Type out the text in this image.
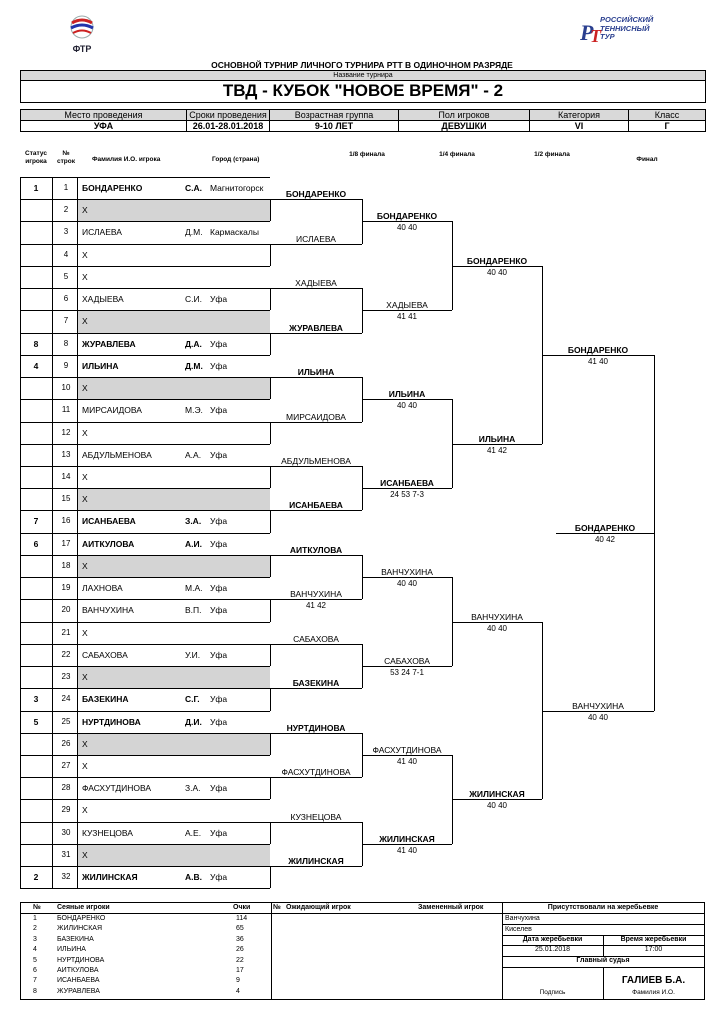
ФТР
Р
Т
РОССИЙСКИЙ
ТЕННИСНЫЙ
ТУР
ОСНОВНОЙ ТУРНИР ЛИЧНОГО ТУРНИРА РТТ В ОДИНОЧНОМ РАЗРЯДЕ
Название турнира
ТВД - КУБОК "НОВОЕ ВРЕМЯ" - 2
Место проведения	Сроки проведения	Возрастная группа	Пол игроков	Категория	Класс
УФА	26.01-28.01.2018	9-10 ЛЕТ	ДЕВУШКИ	VI	Г
Статус игрока
№ строк	Фамилия И.О. игрока	Город (страна)
1/8 финала	1/4 финала	1/2 финала
Финал
1	1	БОНДАРЕНКО	С.А. Магнитогорск
2	Х
3	ИСЛАЕВА	Д.М. Кармаскалы
4	Х
5	Х
6	ХАДЫЕВА	С.И. Уфа
7	Х
8	8	ЖУРАВЛЕВА	Д.А. Уфа
4	9	ИЛЬИНА	Д.М. Уфа
10	Х
11	МИРСАИДОВА	М.Э. Уфа
12	Х
13	АБДУЛЬМЕНОВА	А.А. Уфа
14	Х
15	Х
7	16	ИСАНБАЕВА	З.А. Уфа
6	17	АИТКУЛОВА	А.И. Уфа
18	Х
19	ЛАХНОВА	М.А. Уфа
20	ВАНЧУХИНА	В.П. Уфа
21	Х
22	САБАХОВА	У.И. Уфа
23	Х
3	24	БАЗЕКИНА	С.Г. Уфа
5	25	НУРТДИНОВА	Д.И. Уфа
26	Х
27	Х
28	ФАСХУТДИНОВА	З.А. Уфа
29	Х
30	КУЗНЕЦОВА	А.Е. Уфа
31	Х
2	32	ЖИЛИНСКАЯ	А.В. Уфа
БОНДАРЕНКО
ИСЛАЕВА
ХАДЫЕВА
ЖУРАВЛЕВА
ИЛЬИНА
МИРСАИДОВА
АБДУЛЬМЕНОВА
ИСАНБАЕВА
АИТКУЛОВА
ВАНЧУХИНА
41 42
САБАХОВА
БАЗЕКИНА
НУРТДИНОВА
ФАСХУТДИНОВА
КУЗНЕЦОВА
ЖИЛИНСКАЯ
БОНДАРЕНКО
40 40
ХАДЫЕВА
41 41
ИЛЬИНА
40 40
ИСАНБАЕВА
24 53 7-3
ВАНЧУХИНА
40 40
САБАХОВА
53 24 7-1
ФАСХУТДИНОВА
41 40
ЖИЛИНСКАЯ
41 40
БОНДАРЕНКО
40 40
ИЛЬИНА
41 42
ВАНЧУХИНА
40 40
ЖИЛИНСКАЯ
40 40
БОНДАРЕНКО
41 40
ВАНЧУХИНА
40 40
БОНДАРЕНКО
40 42
№ Сеяные игроки	Очки
1	БОНДАРЕНКО	114
2	ЖИЛИНСКАЯ	65
3	БАЗЕКИНА	36
4	ИЛЬИНА	26
5	НУРТДИНОВА	22
6	АИТКУЛОВА	17
7	ИСАНБАЕВА	9
8	ЖУРАВЛЕВА	4
№ Ожидающий игрок	Замененный игрок	Присутствовали на жеребьевке
Ванчухина
Киселев
Дата жеребьевки	Время жеребьевки
25.01.2018	17:00
Главный судья
ГАЛИЕВ Б.А.
Подпись	Фамилия И.О.
